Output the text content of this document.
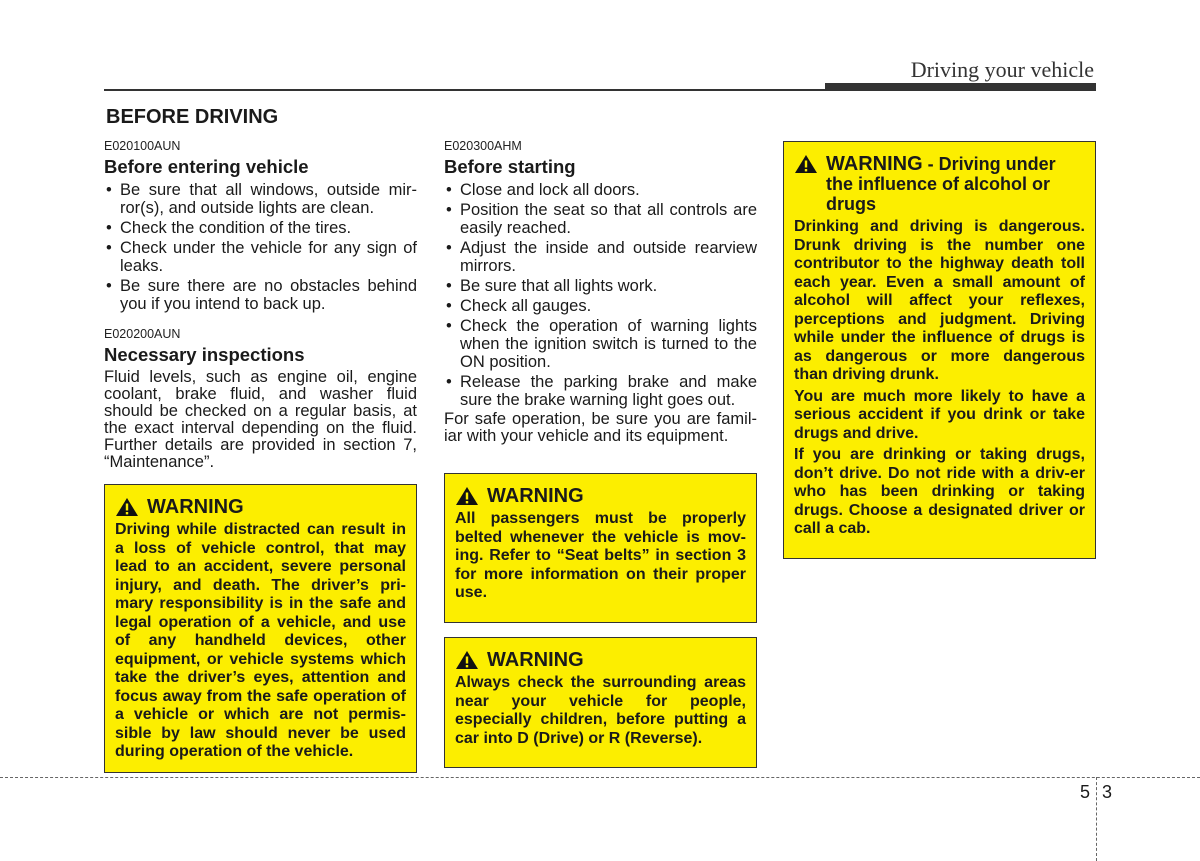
Driving your vehicle
BEFORE DRIVING

E020100AUN

Before entering vehicle
• Be sure that all windows, outside mir-ror(s), and outside lights are clean.
• Check the condition of the tires.
• Check under the vehicle for any sign of leaks.
• Be sure there are no obstacles behind you if you intend to back up.

E020200AUN

Necessary inspections

Fluid levels, such as engine oil, engine coolant, brake fluid, and washer fluid should be checked on a regular basis, at the exact interval depending on the fluid. Further details are provided in section 7, “Maintenance”.

WARNING
Driving while distracted can result in a loss of vehicle control, that may lead to an accident, severe personal injury, and death. The driver’s pri-mary responsibility is in the safe and legal operation of a vehicle, and use of any handheld devices, other equipment, or vehicle systems which take the driver’s eyes, attention and focus away from the safe operation of a vehicle or which are not permis-sible by law should never be used during operation of the vehicle.

E020300AHM

Before starting
• Close and lock all doors.
• Position the seat so that all controls are easily reached.
• Adjust the inside and outside rearview mirrors.
• Be sure that all lights work.
• Check all gauges.
• Check the operation of warning lights when the ignition switch is turned to the ON position.
• Release the parking brake and make sure the brake warning light goes out.

For safe operation, be sure you are famil-iar with your vehicle and its equipment.

WARNING
All passengers must be properly belted whenever the vehicle is mov-ing. Refer to “Seat belts” in section 3 for more information on their proper use.
WARNING
Always check the surrounding areas near your vehicle for people, especially children, before putting a car into D (Drive) or R (Reverse).
WARNING - Driving under the influence of alcohol or drugs

Drinking and driving is dangerous. Drunk driving is the number one contributor to the highway death toll each year. Even a small amount of alcohol will affect your reflexes, perceptions and judgment. Driving while under the influence of drugs is as dangerous or more dangerous than driving drunk.

You are much more likely to have a serious accident if you drink or take drugs and drive.

If you are drinking or taking drugs, don’t drive. Do not ride with a driv-er who has been drinking or taking drugs. Choose a designated driver or call a cab.

5 3
